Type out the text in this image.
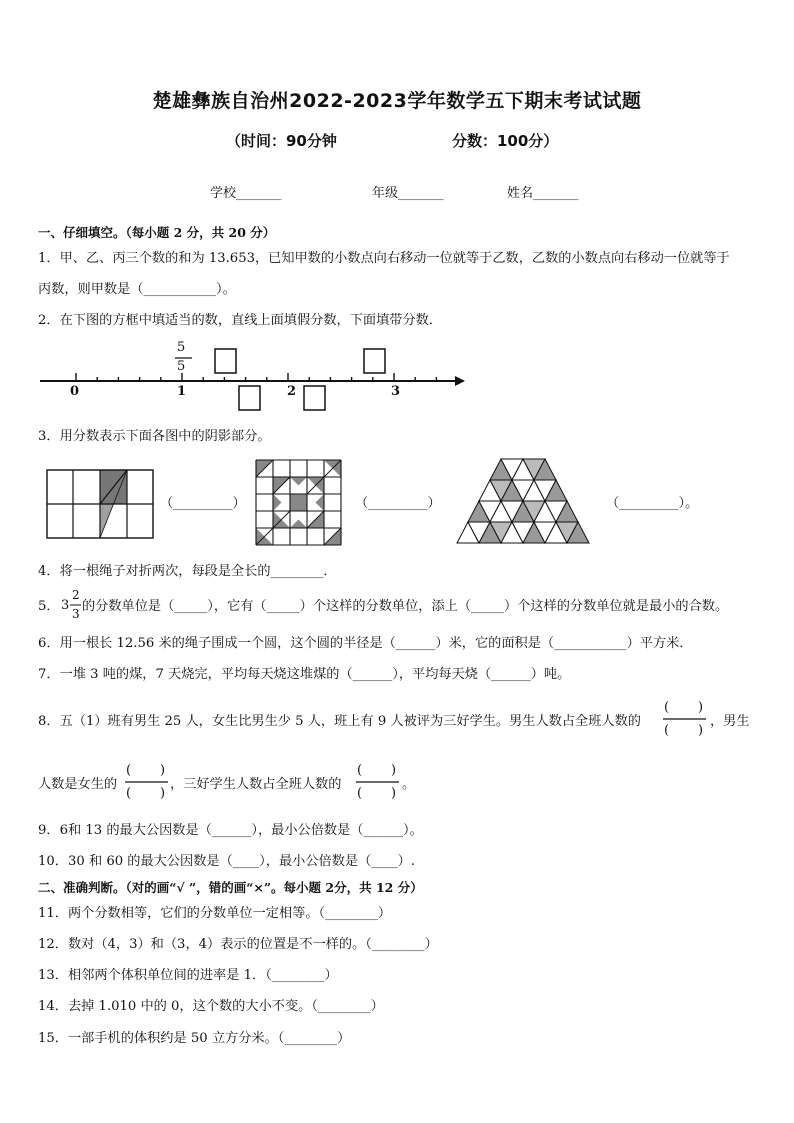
楚雄彝族自治州2022-2023学年数学五下期末考试试题
（时间：90分钟	分数：100分）
学校_______	年级_______	姓名_______
一、仔细填空。（每小题 2 分，共 20 分）
1．甲、乙、丙三个数的和为 13.653，已知甲数的小数点向右移动一位就等于乙数，乙数的小数点向右移动一位就等于
丙数，则甲数是（___________）。
2．在下图的方框中填适当的数，直线上面填假分数，下面填带分数．
5
5
0	1	2	3
3．用分数表示下面各图中的阴影部分。
（_________）	（_________）	（_________）。
4．将一根绳子对折两次，每段是全长的________．
5． 3
2
3 的分数单位是（_____），它有（_____）个这样的分数单位，添上（_____）个这样的分数单位就是最小的合数。
6．用一根长 12.56 米的绳子围成一个圆，这个圆的半径是（______）米，它的面积是（___________）平方米．
7．一堆 3 吨的煤，7 天烧完，平均每天烧这堆煤的（______），平均每天烧（______）吨。
8．五（1）班有男生 25 人，女生比男生少 5 人，班上有 9 人被评为三好学生。男生人数占全班人数的
( )
( )
，男生
人数是女生的
( )
( )
，三好学生人数占全班人数的
( )
( )
。
9．6和 13 的最大公因数是（______），最小公倍数是（______）。
10．30 和 60 的最大公因数是（____），最小公倍数是（____）.
二、准确判断。（对的画“√ ”，错的画“×”。每小题 2分，共 12 分）
11．两个分数相等，它们的分数单位一定相等。（________）
12．数对（4，3）和（3，4）表示的位置是不一样的。（________）
13．相邻两个体积单位间的进率是 1．（________）
14．去掉 1.010 中的 0，这个数的大小不变。（________）
15．一部手机的体积约是 50 立方分米。（________）
